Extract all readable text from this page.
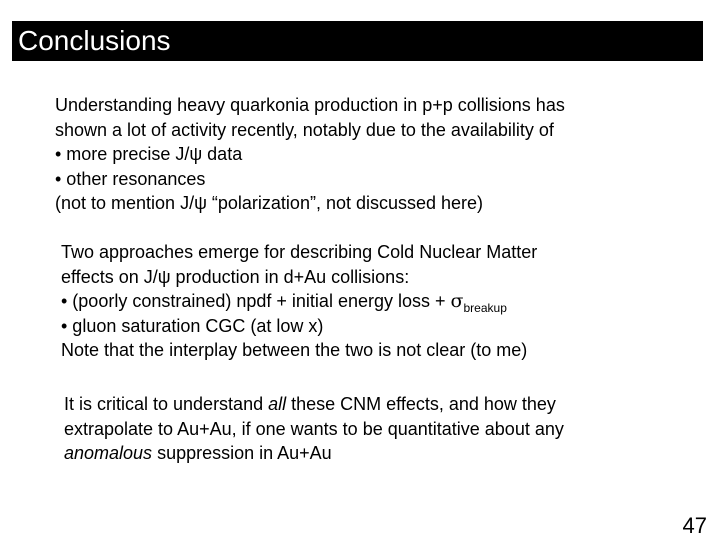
Conclusions
Understanding heavy quarkonia production in p+p collisions has
shown a lot of activity recently, notably due to the availability of
• more precise J/ψ data
• other resonances
(not to mention J/ψ “polarization”, not discussed here)
Two approaches emerge for describing Cold Nuclear Matter
effects on J/ψ production in d+Au collisions:
• (poorly constrained) npdf + initial energy loss + $\sigma_{breakup}$
• gluon saturation CGC (at low x)
Note that the interplay between the two is not clear (to me)
It is critical to understand all these CNM effects, and how they
extrapolate to Au+Au, if one wants to be quantitative about any
anomalous suppression in Au+Au
47
